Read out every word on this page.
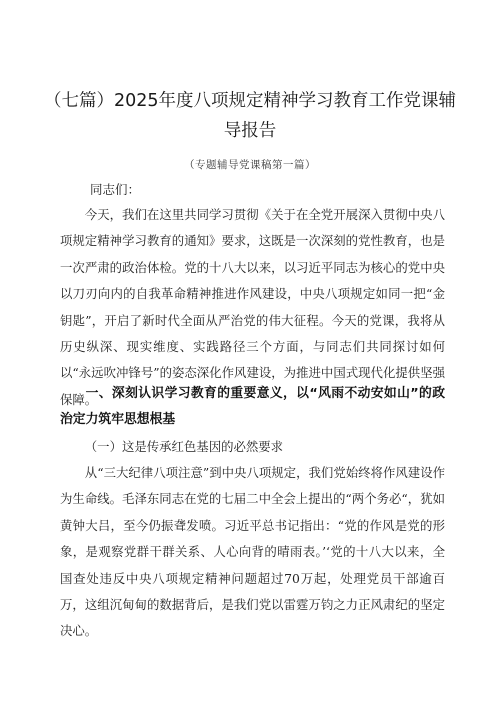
（七篇）2025年度八项规定精神学习教育工作党课辅导报告
（专题辅导党课稿第一篇）
同志们：

今天，我们在这里共同学习贯彻《关于在全党开展深入贯彻中央八项规定精神学习教育的通知》要求，这既是一次深刻的党性教育，也是一次严肃的政治体检。党的十八大以来，以习近平同志为核心的党中央以刀刃向内的自我革命精神推进作风建设，中央八项规定如同一把“金钥匙”，开启了新时代全面从严治党的伟大征程。今天的党课，我将从历史纵深、现实维度、实践路径三个方面，与同志们共同探讨如何以“永远吹冲锋号”的姿态深化作风建设，为推进中国式现代化提供坚强保障。

一、深刻认识学习教育的重要意义，以“风雨不动安如山”的政治定力筑牢思想根基

（一）这是传承红色基因的必然要求

从“三大纪律八项注意”到中央八项规定，我们党始终将作风建设作为生命线。毛泽东同志在党的七届二中全会上提出的“两个务必“，犹如黄钟大吕，至今仍振聋发喷。习近平总书记指出：“党的作风是党的形象，是观察党群干群关系、人心向背的晴雨表。’‘党的十八大以来，全国查处违反中央八项规定精神问题超过70万起，处理党员干部逾百万，这组沉甸甸的数据背后，是我们党以雷霆万钧之力正风肃纪的坚定决心。
